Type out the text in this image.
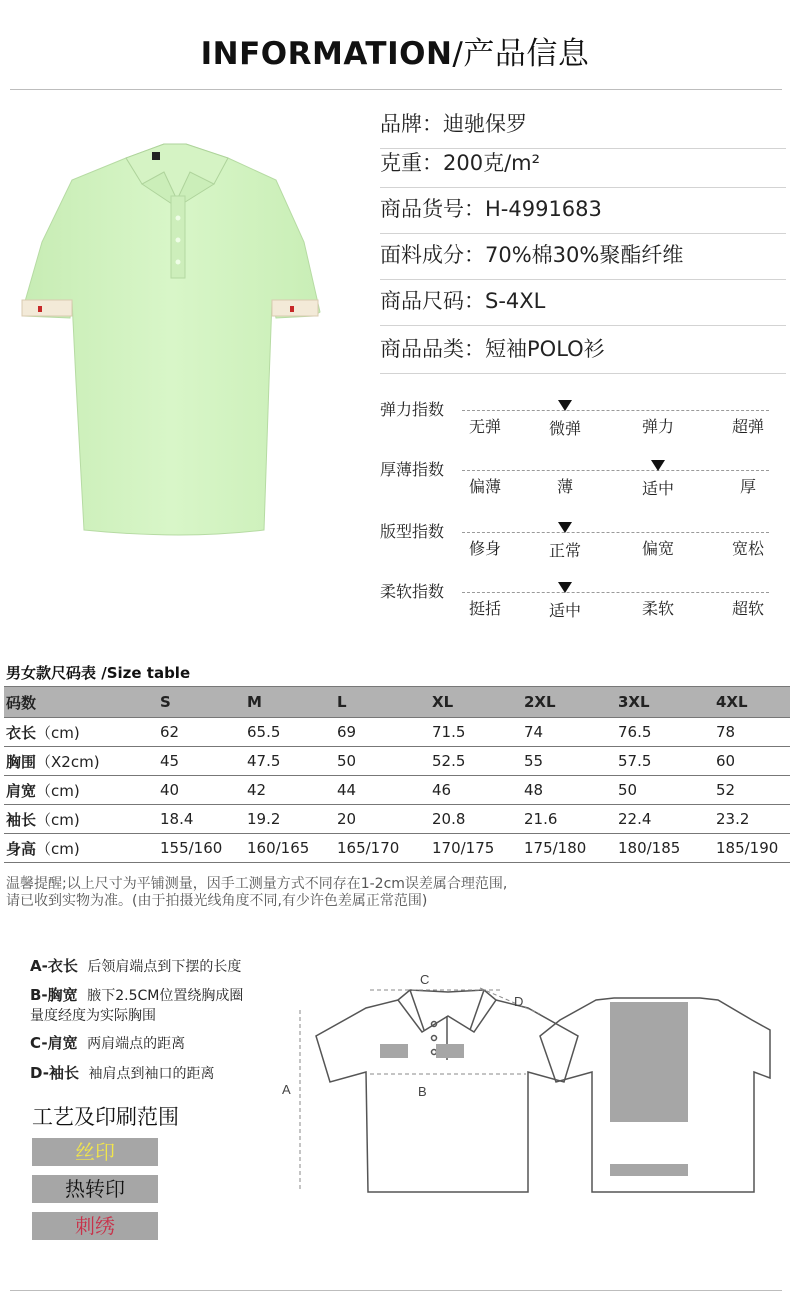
INFORMATION/产品信息
品牌：迪驰保罗
克重：200克/m²
商品货号：H-4991683
面料成分：70%棉30%聚酯纤维
商品尺码：S-4XL
商品品类：短袖POLO衫
弹力指数
无弹	微弹	弹力	超弹
厚薄指数
偏薄	薄	适中	厚
版型指数
修身	正常	偏宽	宽松
柔软指数
挺括	适中	柔软	超软
男女款尺码表 /Size table
码数	S	M	L	XL	2XL	3XL	4XL
衣长（cm)	62	65.5	69	71.5	74	76.5	78
胸围（X2cm)	45	47.5	50	52.5	55	57.5	60
肩宽（cm)	40	42	44	46	48	50	52
袖长（cm)	18.4	19.2	20	20.8	21.6	22.4	23.2
身高（cm)	155/160	160/165	165/170	170/175	175/180	180/185	185/190
温馨提醒;以上尺寸为平铺测量，因手工测量方式不同存在1-2cm误差属合理范围,
请已收到实物为准。(由于拍摄光线角度不同,有少许色差属正常范围)
A-衣长 后领肩端点到下摆的长度
B-胸宽 腋下2.5CM位置绕胸成圈
量度经度为实际胸围
C-肩宽 两肩端点的距离
D-袖长 袖肩点到袖口的距离
工艺及印刷范围
丝印
热转印
刺绣
C
B
D
A
